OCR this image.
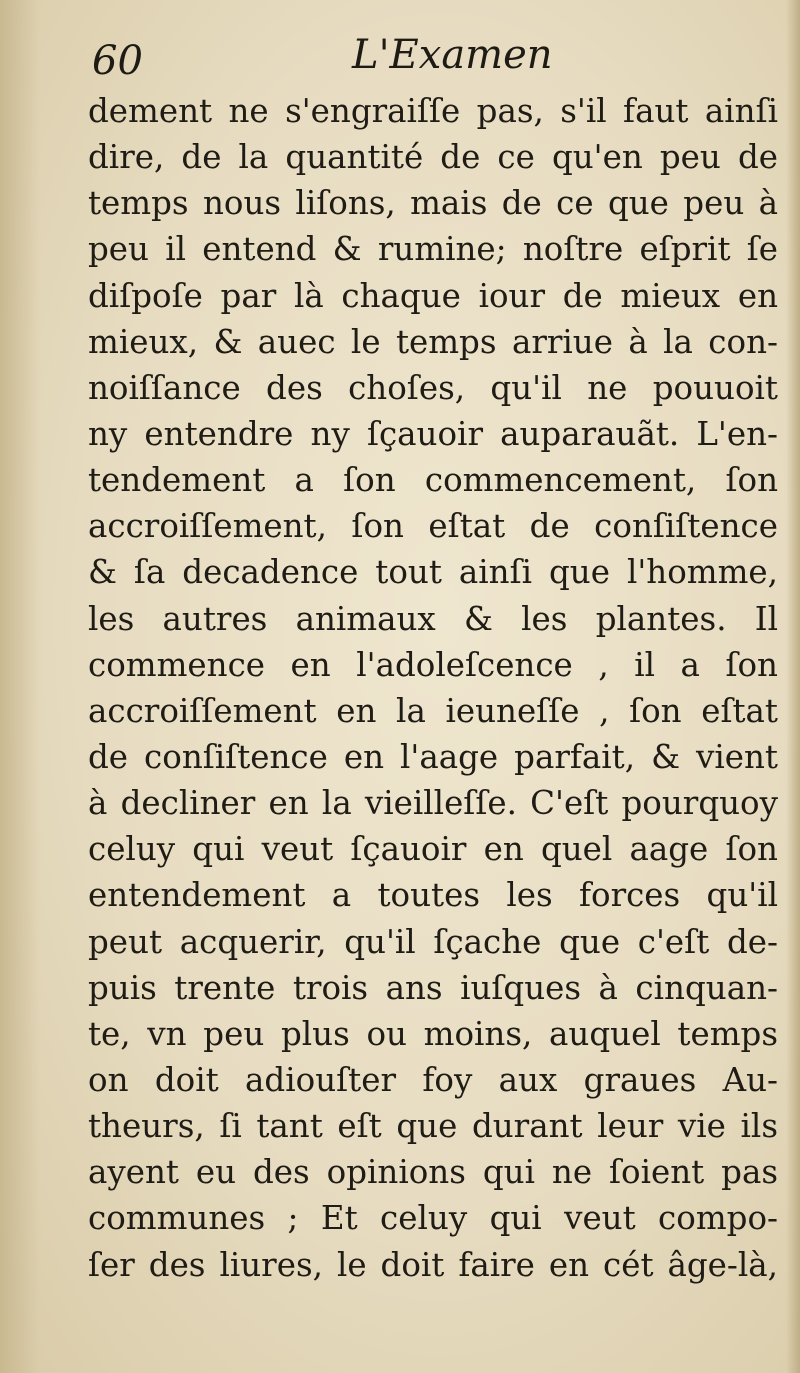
60	L'Examen
dement ne s'engraiſſe pas, s'il faut ainſi
dire, de la quantité de ce qu'en peu de
temps nous liſons, mais de ce que peu à
peu il entend & rumine; noſtre eſprit ſe
diſpoſe par là chaque iour de mieux en
mieux, & auec le temps arriue à la con-
noiſſance des choſes, qu'il ne pouuoit
ny entendre ny ſçauoir auparauãt. L'en-
tendement a ſon commencement, ſon
accroiſſement, ſon eſtat de conſiſtence
& ſa decadence tout ainſi que l'homme,
les autres animaux & les plantes. Il
commence en l'adoleſcence , il a ſon
accroiſſement en la ieuneſſe , ſon eſtat
de conſiſtence en l'aage parfait, & vient
à decliner en la vieilleſſe. C'eſt pourquoy
celuy qui veut ſçauoir en quel aage ſon
entendement a toutes les forces qu'il
peut acquerir, qu'il ſçache que c'eſt de-
puis trente trois ans iuſques à cinquan-
te, vn peu plus ou moins, auquel temps
on doit adiouſter foy aux graues Au-
theurs, ſi tant eſt que durant leur vie ils
ayent eu des opinions qui ne ſoient pas
communes ; Et celuy qui veut compo-
ſer des liures, le doit faire en cét âge-là,
